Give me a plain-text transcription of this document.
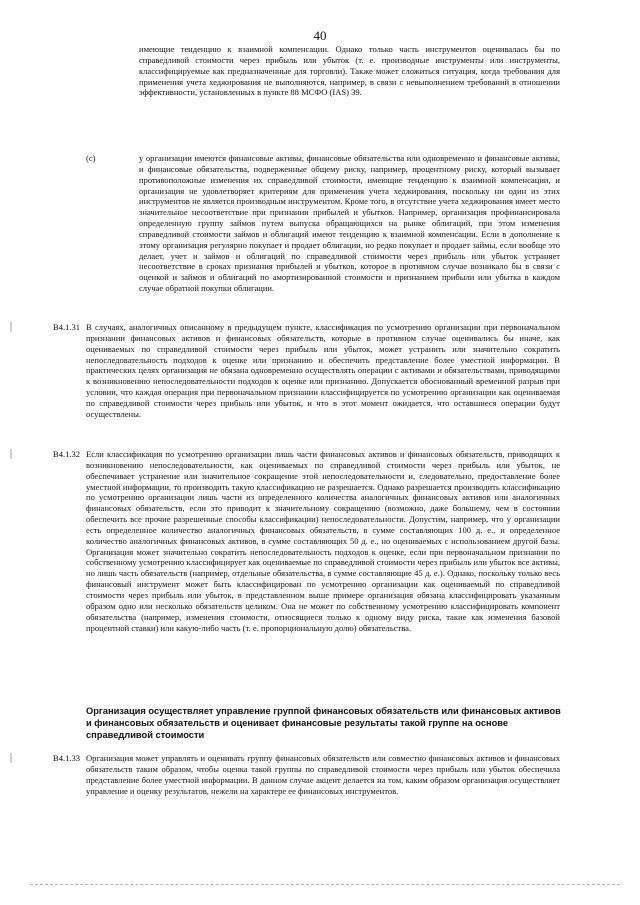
40
имеющие тенденцию к взаимной компенсации. Однако только часть инструментов оценивалась бы по справедливой стоимости через прибыль или убыток (т. е. производные инструменты или инструменты, классифицируемые как предназначенные для торговли). Также может сложиться ситуация, когда требования для применения учета хеджирования не выполняются, например, в связи с невыполнением требований в отношении эффективности, установленных в пункте 88 МСФО (IAS) 39.
(c)	у организации имеются финансовые активы, финансовые обязательства или одновременно и финансовые активы, и финансовые обязательства, подверженные общему риску, например, процентному риску, который вызывает противоположные изменения их справедливой стоимости, имеющие тенденцию к взаимной компенсации, и организация не удовлетворяет критериям для применения учета хеджирования, поскольку ни один из этих инструментов не является производным инструментом. Кроме того, в отсутствие учета хеджирования имеет место значительное несоответствие при признании прибылей и убытков. Например, организация профинансировала определенную группу займов путем выпуска обращающихся на рынке облигаций, при этом изменения справедливой стоимости займов и облигаций имеют тенденцию к взаимной компенсации. Если в дополнение к этому организация регулярно покупает и продает облигации, но редко покупает и продает займы, если вообще это делает, учет и займов и облигаций по справедливой стоимости через прибыль или убыток устраняет несоответствие в сроках признания прибылей и убытков, которое в противном случае возникало бы в связи с оценкой и займов и облигаций по амортизированной стоимости и признанием прибыли или убытка в каждом случае обратной покупки облигации.
B4.1.31 В случаях, аналогичных описанному в предыдущем пункте, классификация по усмотрению организации при первоначальном признании финансовых активов и финансовых обязательств, которые в противном случае оценивались бы иначе, как оцениваемых по справедливой стоимости через прибыль или убыток, может устранить или значительно сократить непоследовательность подходов к оценке или признанию и обеспечить представление более уместной информации. В практических целях организация не обязана одновременно осуществлять операции с активами и обязательствами, приводящими к возникновению непоследовательности подходов к оценке или признанию. Допускается обоснованный временной разрыв при условии, что каждая операция при первоначальном признании классифицируется по усмотрению организации как оцениваемая по справедливой стоимости через прибыль или убыток, и что в этот момент ожидается, что оставшиеся операции будут осуществлены.
B4.1.32 Если классификация по усмотрению организации лишь части финансовых активов и финансовых обязательств, приводящих к возникновению непоследовательности, как оцениваемых по справедливой стоимости через прибыль или убыток, не обеспечивает устранение или значительное сокращение этой непоследовательности и, следовательно, предоставление более уместной информации, то производить такую классификацию не разрешается. Однако разрешается производить классификацию по усмотрению организации лишь части из определенного количества аналогичных финансовых активов или аналогичных финансовых обязательств, если это приводит к значительному сокращению (возможно, даже большему, чем в состоянии обеспечить все прочие разрешенные способы классификации) непоследовательности. Допустим, например, что у организации есть определенное количество аналогичных финансовых обязательств, в сумме составляющих 100 д. е., и определенное количество аналогичных финансовых активов, в сумме составляющих 50 д. е., но оцениваемых с использованием другой базы. Организация может значительно сократить непоследовательность подходов к оценке, если при первоначальном признании по собственному усмотрению классифицирует как оцениваемые по справедливой стоимости через прибыль или убыток все активы, но лишь часть обязательств (например, отдельные обязательства, в сумме составляющие 45 д. е.). Однако, поскольку только весь финансовый инструмент может быть классифицирован по усмотрению организации как оцениваемый по справедливой стоимости через прибыль или убыток, в представленном выше примере организация обязана классифицировать указанным образом одно или несколько обязательств целиком. Она не может по собственному усмотрению классифицировать компонент обязательства (например, изменения стоимости, относящиеся только к одному виду риска, такие как изменения базовой процентной ставки) или какую-либо часть (т. е. пропорциональную долю) обязательства.
Организация осуществляет управление группой финансовых обязательств или финансовых активов и финансовых обязательств и оценивает финансовые результаты такой группе на основе справедливой стоимости
B4.1.33 Организация может управлять и оценивать группу финансовых обязательств или совместно финансовых активов и финансовых обязательств таким образом, чтобы оценка такой группы по справедливой стоимости через прибыль или убыток обеспечила представление более уместной информации. В данном случае акцент делается на том, каким образом организация осуществляет управление и оценку результатов, нежели на характере ее финансовых инструментов.
